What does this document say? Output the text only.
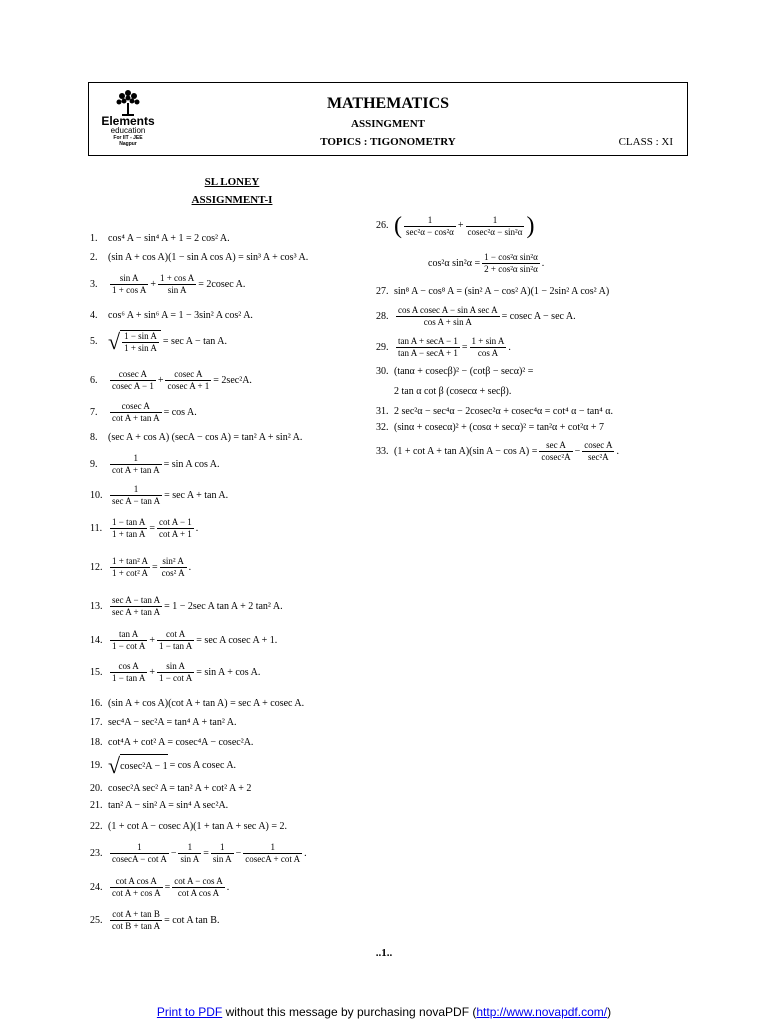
Elements
education
For IIT - JEE
Nagpur
MATHEMATICS
ASSINGMENT
TOPICS : TIGONOMETRY	CLASS : XI
SL LONEY
ASSIGNMENT-I
1.	cos⁴ A − sin⁴ A + 1 = 2 cos² A.
2.	(sin A + cos A)(1 − sin A cos A) = sin³ A + cos³ A.
3.
sin A
1 + cos A
+ $\frac{\text{1 + cos A}}{\text{sin A}} = 2cosec$ A.
4.	cos⁶ A + sin⁶ A = 1 − 3sin² A cos² A.
5. √ 1 − sin A
1 + sin A
= sec A − tan A.
6.
cosec A
cosec A − 1
+ $\frac{\text{cosec A}}{\text{cosec A + 1}} = 2\sec^2A$.
7.	$\frac{\text{cosec A}}{\text{cot A + tan A}} = \cos A$.
8.	(sec A + cos A) (secA − cos A) = tan² A + sin² A.
9.	$\frac{1}{\text{cot A + tan A}} = \sin A$ cos A.
10.
1
sec A − tan A
= sec A + tan A.
11. $\frac{\text{1 − tan A}}{\text{1 + tan A}} = \frac{\text{cot A − 1}}{\text{cot A + 1}}$ .
12. $\frac{\text{1 + tan² A}}{\text{1 + cot² A}} = \frac{\text{sin² A}}{\text{cos² A}}$ .
13.
sec A − tan A
sec A + tan A
= 1 − 2sec A tan A + 2 tan² A.
14.
tan A
1 − cot A
+ $\frac{\text{cot A}}{\text{1 − tan A}} = \sec A$ cosec A + 1.
15.
cos A
1 − tan A
+ $\frac{\text{sin A}}{\text{1 − cot A}} = \sin A + \cos A$.
16. (sin A + cos A)(cot A + tan A) = sec A + cosec A.
17. sec⁴A − sec²A = tan⁴ A + tan² A.
18. cot⁴A + cot² A = cosec⁴A − cosec²A.
19. √ cosec²A − 1 = cos A cosec A.
20. cosec²A sec² A = tan² A + cot² A + 2
21. tan² A − sin² A = sin⁴ A sec²A.
22. (1 + cot A − cosec A)(1 + tan A + sec A) = 2.
23.
1
cosecA − cot A
− $\frac{1}{\text{sin A}} = \frac{1}{\text{sin A}}$ −
1
cosecA + cot A
.
24. $\frac{\text{cot A cos A}}{\text{cot A + cos A}} = \frac{\text{cot A − cos A}}{\text{cot A cos A}}$ .
25. $\frac{\text{cot A + tan B}}{\text{cot B + tan A}} = \cot A$ tan B.
26. (	1
sec²α − cos²α
+ $\frac{1}{\text{cosec²α − sin²α}}$ )
cos²α $\sin^2\alpha = \frac{\text{1 − cos²α sin²α}}{\text{2 + cos²α sin²α}}$ .
27. sin⁸ A − cos⁸ A = (sin² A − cos² A)(1 − 2sin² A cos² A)
28.
cos A cosec A − sin A sec A
cos A + sin A
= cosec A − sec A.
29.
tan A + secA − 1
tan A − secA + 1
= $\frac{\text{1 + sin A}}{\text{cos A}}$ .
30. (tanα + cosecβ)² − (cotβ − secα)² =
2 tan α cot β (cosecα + secβ).
31. 2 sec²α − sec⁴α − 2cosec²α + cosec⁴α = cot⁴ α − tan⁴ α.
32. (sinα + cosecα)² + (cosα + secα)² = tan²α + cot²α + 7
33. (1 + cot A + tan A)(sin A − cos A) =
sec A
cosec²A
−
cosec A
sec²A
.
..1..
Print to PDF without this message by purchasing novaPDF (http://www.novapdf.com/)
